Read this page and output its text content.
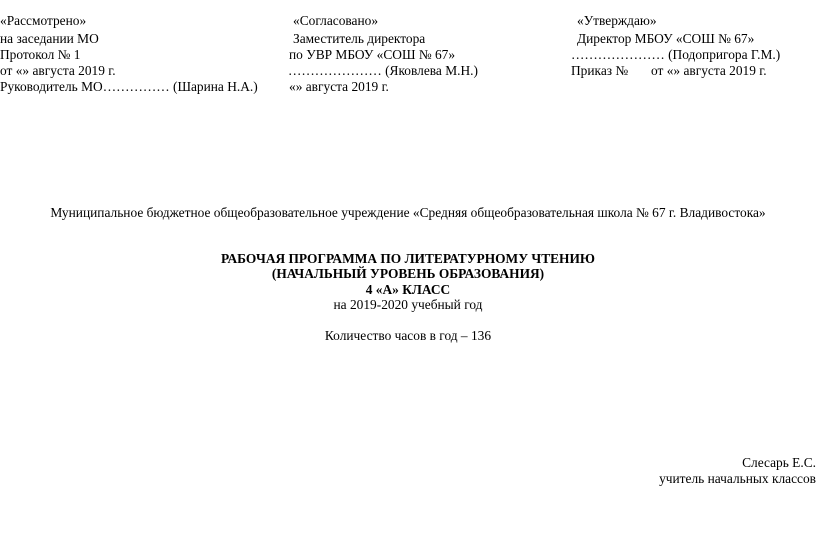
«Рассмотрено»
на заседании МО
Протокол № 1
от «» августа 2019 г.
Руководитель МО…………… (Шарина Н.А.)
«Согласовано»
Заместитель директора
по УВР МБОУ «СОШ № 67»
………………… (Яковлева М.Н.)
«» августа 2019 г.
«Утверждаю»
Директор МБОУ «СОШ № 67»
………………… (Подопригора Г.М.)
Приказ № от «» августа 2019 г.
Муниципальное бюджетное общеобразовательное учреждение «Средняя общеобразовательная школа № 67 г. Владивостока»
РАБОЧАЯ ПРОГРАММА ПО ЛИТЕРАТУРНОМУ ЧТЕНИЮ
(НАЧАЛЬНЫЙ УРОВЕНЬ ОБРАЗОВАНИЯ)
4 «А» КЛАСС
на 2019-2020 учебный год
Количество часов в год – 136
Слесарь Е.С.
учитель начальных классов
